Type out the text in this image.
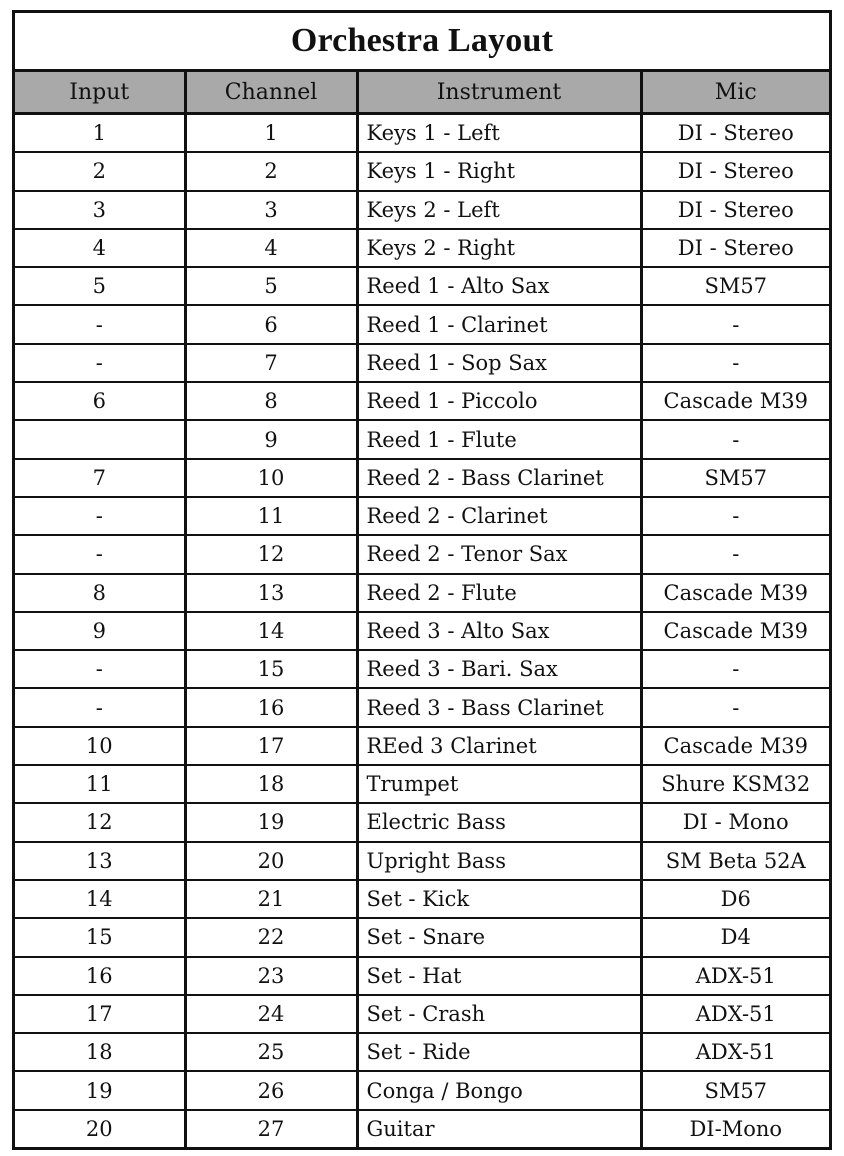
Orchestra Layout
Input	Channel	Instrument	Mic
1	1	Keys 1 - Left	DI - Stereo
2	2	Keys 1 - Right	DI - Stereo
3	3	Keys 2 - Left	DI - Stereo
4	4	Keys 2 - Right	DI - Stereo
5	5	Reed 1 - Alto Sax	SM57
-	6	Reed 1 - Clarinet	-
-	7	Reed 1 - Sop Sax	-
6	8	Reed 1 - Piccolo	Cascade M39
	9	Reed 1 - Flute	-
7	10	Reed 2 - Bass Clarinet	SM57
-	11	Reed 2 - Clarinet	-
-	12	Reed 2 - Tenor Sax	-
8	13	Reed 2 - Flute	Cascade M39
9	14	Reed 3 - Alto Sax	Cascade M39
-	15	Reed 3 - Bari. Sax	-
-	16	Reed 3 - Bass Clarinet	-
10	17	REed 3 Clarinet	Cascade M39
11	18	Trumpet	Shure KSM32
12	19	Electric Bass	DI - Mono
13	20	Upright Bass	SM Beta 52A
14	21	Set - Kick	D6
15	22	Set - Snare	D4
16	23	Set - Hat	ADX-51
17	24	Set - Crash	ADX-51
18	25	Set - Ride	ADX-51
19	26	Conga / Bongo	SM57
20	27	Guitar	DI-Mono
